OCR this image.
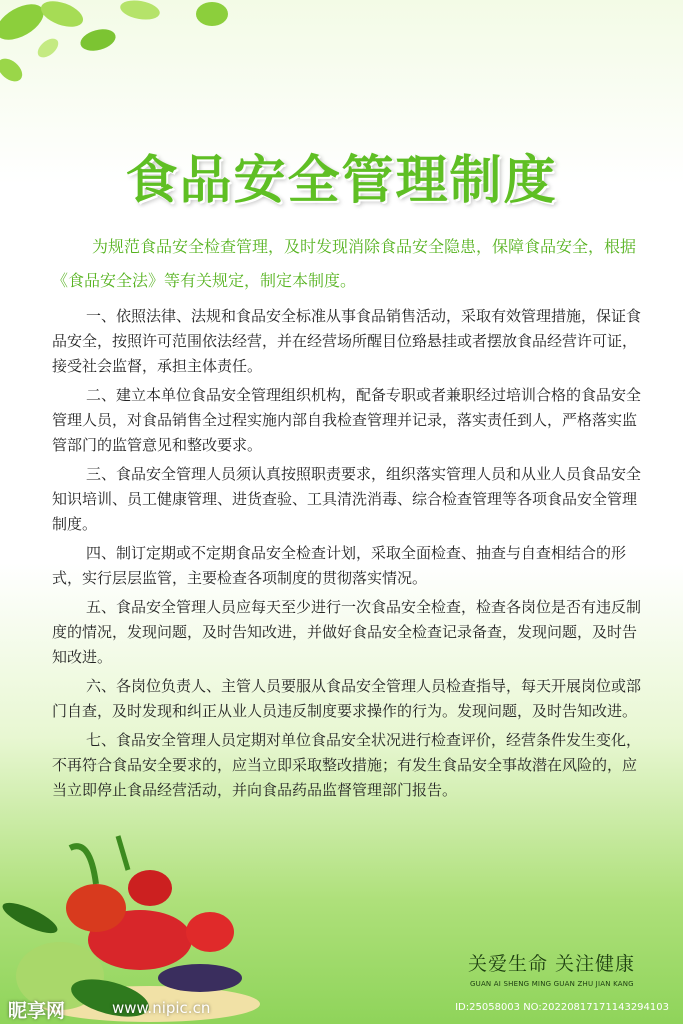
食品安全管理制度

为规范食品安全检查管理，及时发现消除食品安全隐患，保障食品安全，根据《食品安全法》等有关规定，制定本制度。

一、依照法律、法规和食品安全标准从事食品销售活动，采取有效管理措施，保证食品安全，按照许可范围依法经营，并在经营场所醒目位臵悬挂或者摆放食品经营许可证，接受社会监督，承担主体责任。

二、建立本单位食品安全管理组织机构，配备专职或者兼职经过培训合格的食品安全管理人员，对食品销售全过程实施内部自我检查管理并记录，落实责任到人，严格落实监管部门的监管意见和整改要求。

三、食品安全管理人员须认真按照职责要求，组织落实管理人员和从业人员食品安全知识培训、员工健康管理、进货查验、工具清洗消毒、综合检查管理等各项食品安全管理制度。

四、制订定期或不定期食品安全检查计划，采取全面检查、抽查与自查相结合的形式，实行层层监管，主要检查各项制度的贯彻落实情况。

五、食品安全管理人员应每天至少进行一次食品安全检查，检查各岗位是否有违反制度的情况，发现问题，及时告知改进，并做好食品安全检查记录备查，发现问题，及时告知改进。

六、各岗位负责人、主管人员要服从食品安全管理人员检查指导，每天开展岗位或部门自查，及时发现和纠正从业人员违反制度要求操作的行为。发现问题，及时告知改进。

七、食品安全管理人员定期对单位食品安全状况进行检查评价，经营条件发生变化，不再符合食品安全要求的，应当立即采取整改措施；有发生食品安全事故潜在风险的，应当立即停止食品经营活动，并向食品药品监督管理部门报告。

关爱生命 关注健康
GUAN AI SHENG MING GUAN ZHU JIAN KANG
昵享网	www.nipic.cn	ID:25058003 NO:20220817171143294103
